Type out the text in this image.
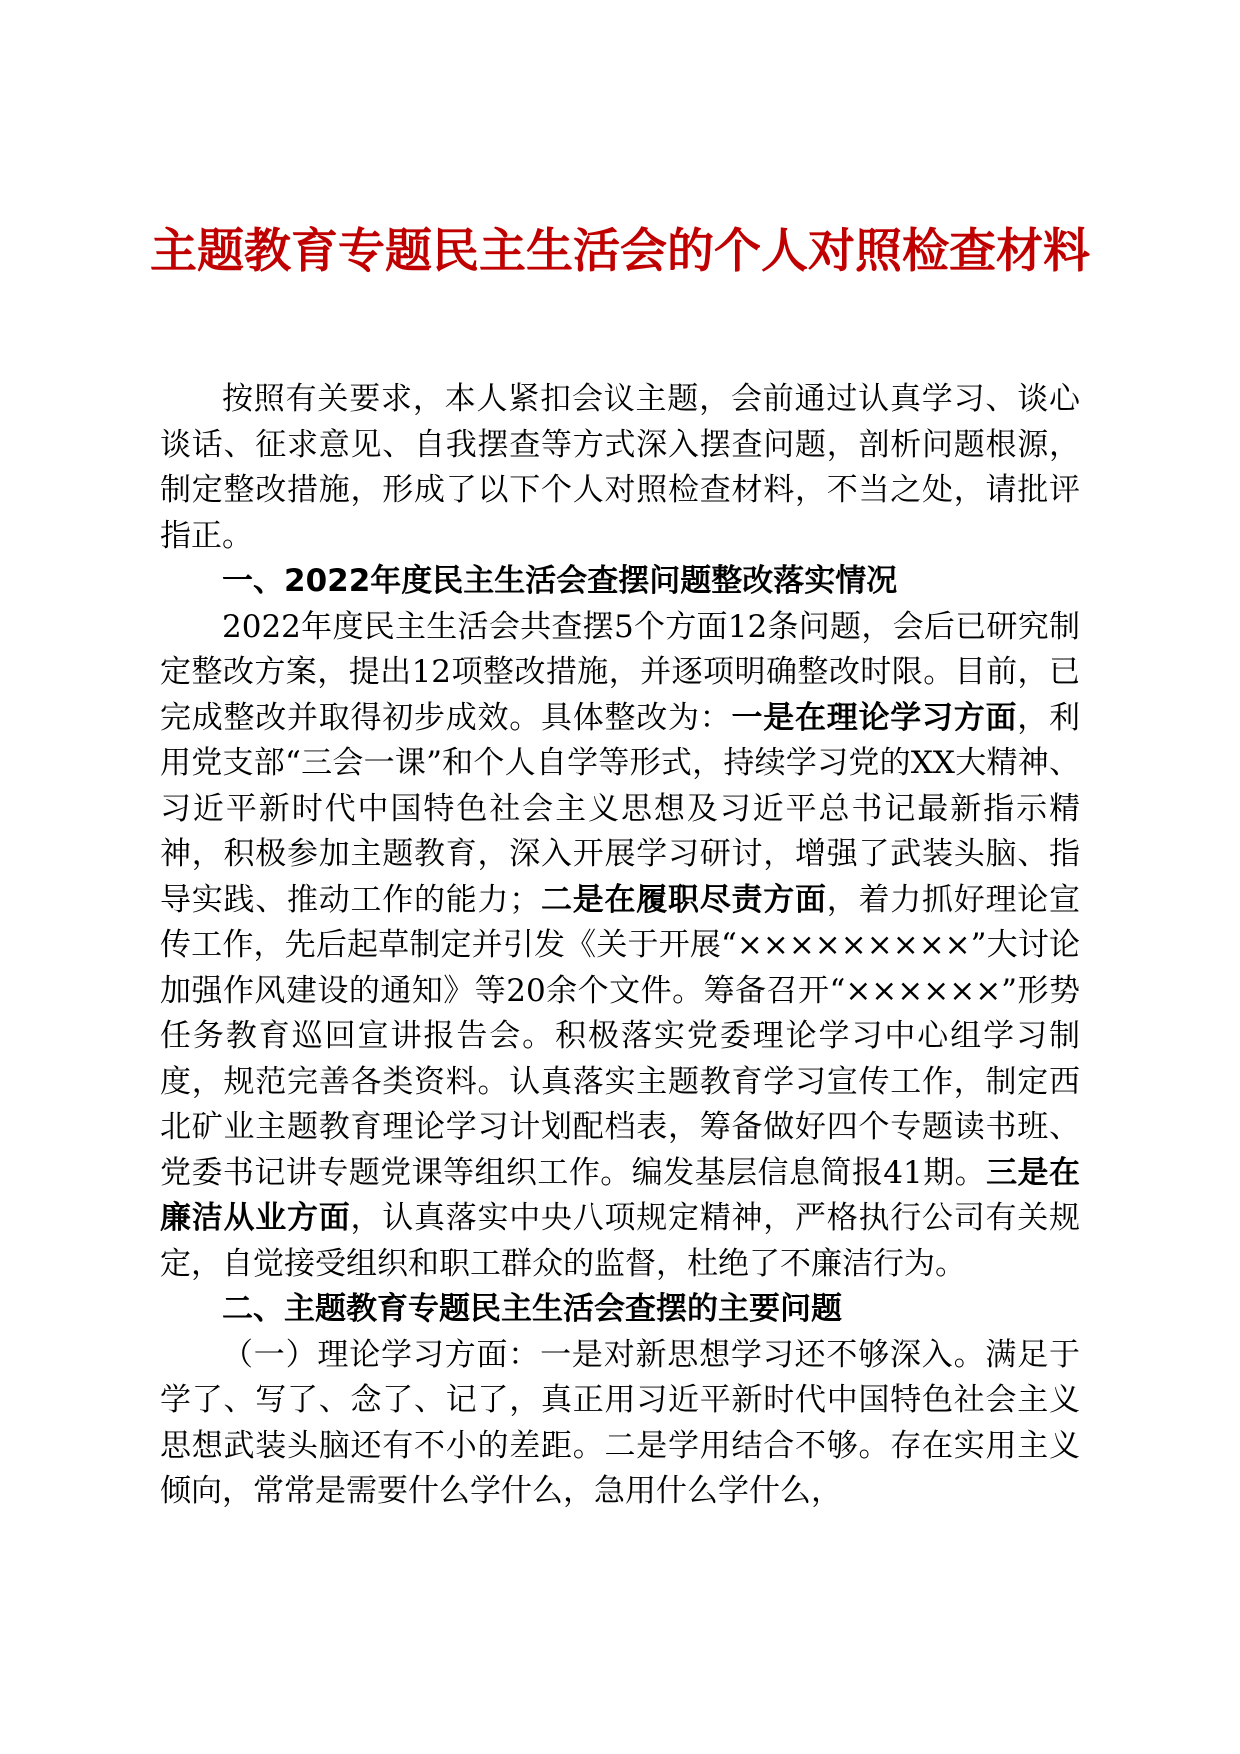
主题教育专题民主生活会的个人对照检查材料

按照有关要求，本人紧扣会议主题，会前通过认真学习、谈心谈话、征求意见、自我摆查等方式深入摆查问题，剖析问题根源，制定整改措施，形成了以下个人对照检查材料，不当之处，请批评指正。

一、2022年度民主生活会查摆问题整改落实情况

2022年度民主生活会共查摆5个方面12条问题，会后已研究制定整改方案，提出12项整改措施，并逐项明确整改时限。目前，已完成整改并取得初步成效。具体整改为：一是在理论学习方面，利用党支部“三会一课”和个人自学等形式，持续学习党的XX大精神、习近平新时代中国特色社会主义思想及习近平总书记最新指示精神，积极参加主题教育，深入开展学习研讨，增强了武装头脑、指导实践、推动工作的能力；二是在履职尽责方面，着力抓好理论宣传工作，先后起草制定并引发《关于开展“×××××××××”大讨论加强作风建设的通知》等20余个文件。筹备召开“××××××”形势任务教育巡回宣讲报告会。积极落实党委理论学习中心组学习制度，规范完善各类资料。认真落实主题教育学习宣传工作，制定西北矿业主题教育理论学习计划配档表，筹备做好四个专题读书班、党委书记讲专题党课等组织工作。编发基层信息简报41期。三是在廉洁从业方面，认真落实中央八项规定精神，严格执行公司有关规定，自觉接受组织和职工群众的监督，杜绝了不廉洁行为。

二、主题教育专题民主生活会查摆的主要问题

（一）理论学习方面：一是对新思想学习还不够深入。满足于学了、写了、念了、记了，真正用习近平新时代中国特色社会主义思想武装头脑还有不小的差距。二是学用结合不够。存在实用主义倾向，常常是需要什么学什么，急用什么学什么，
